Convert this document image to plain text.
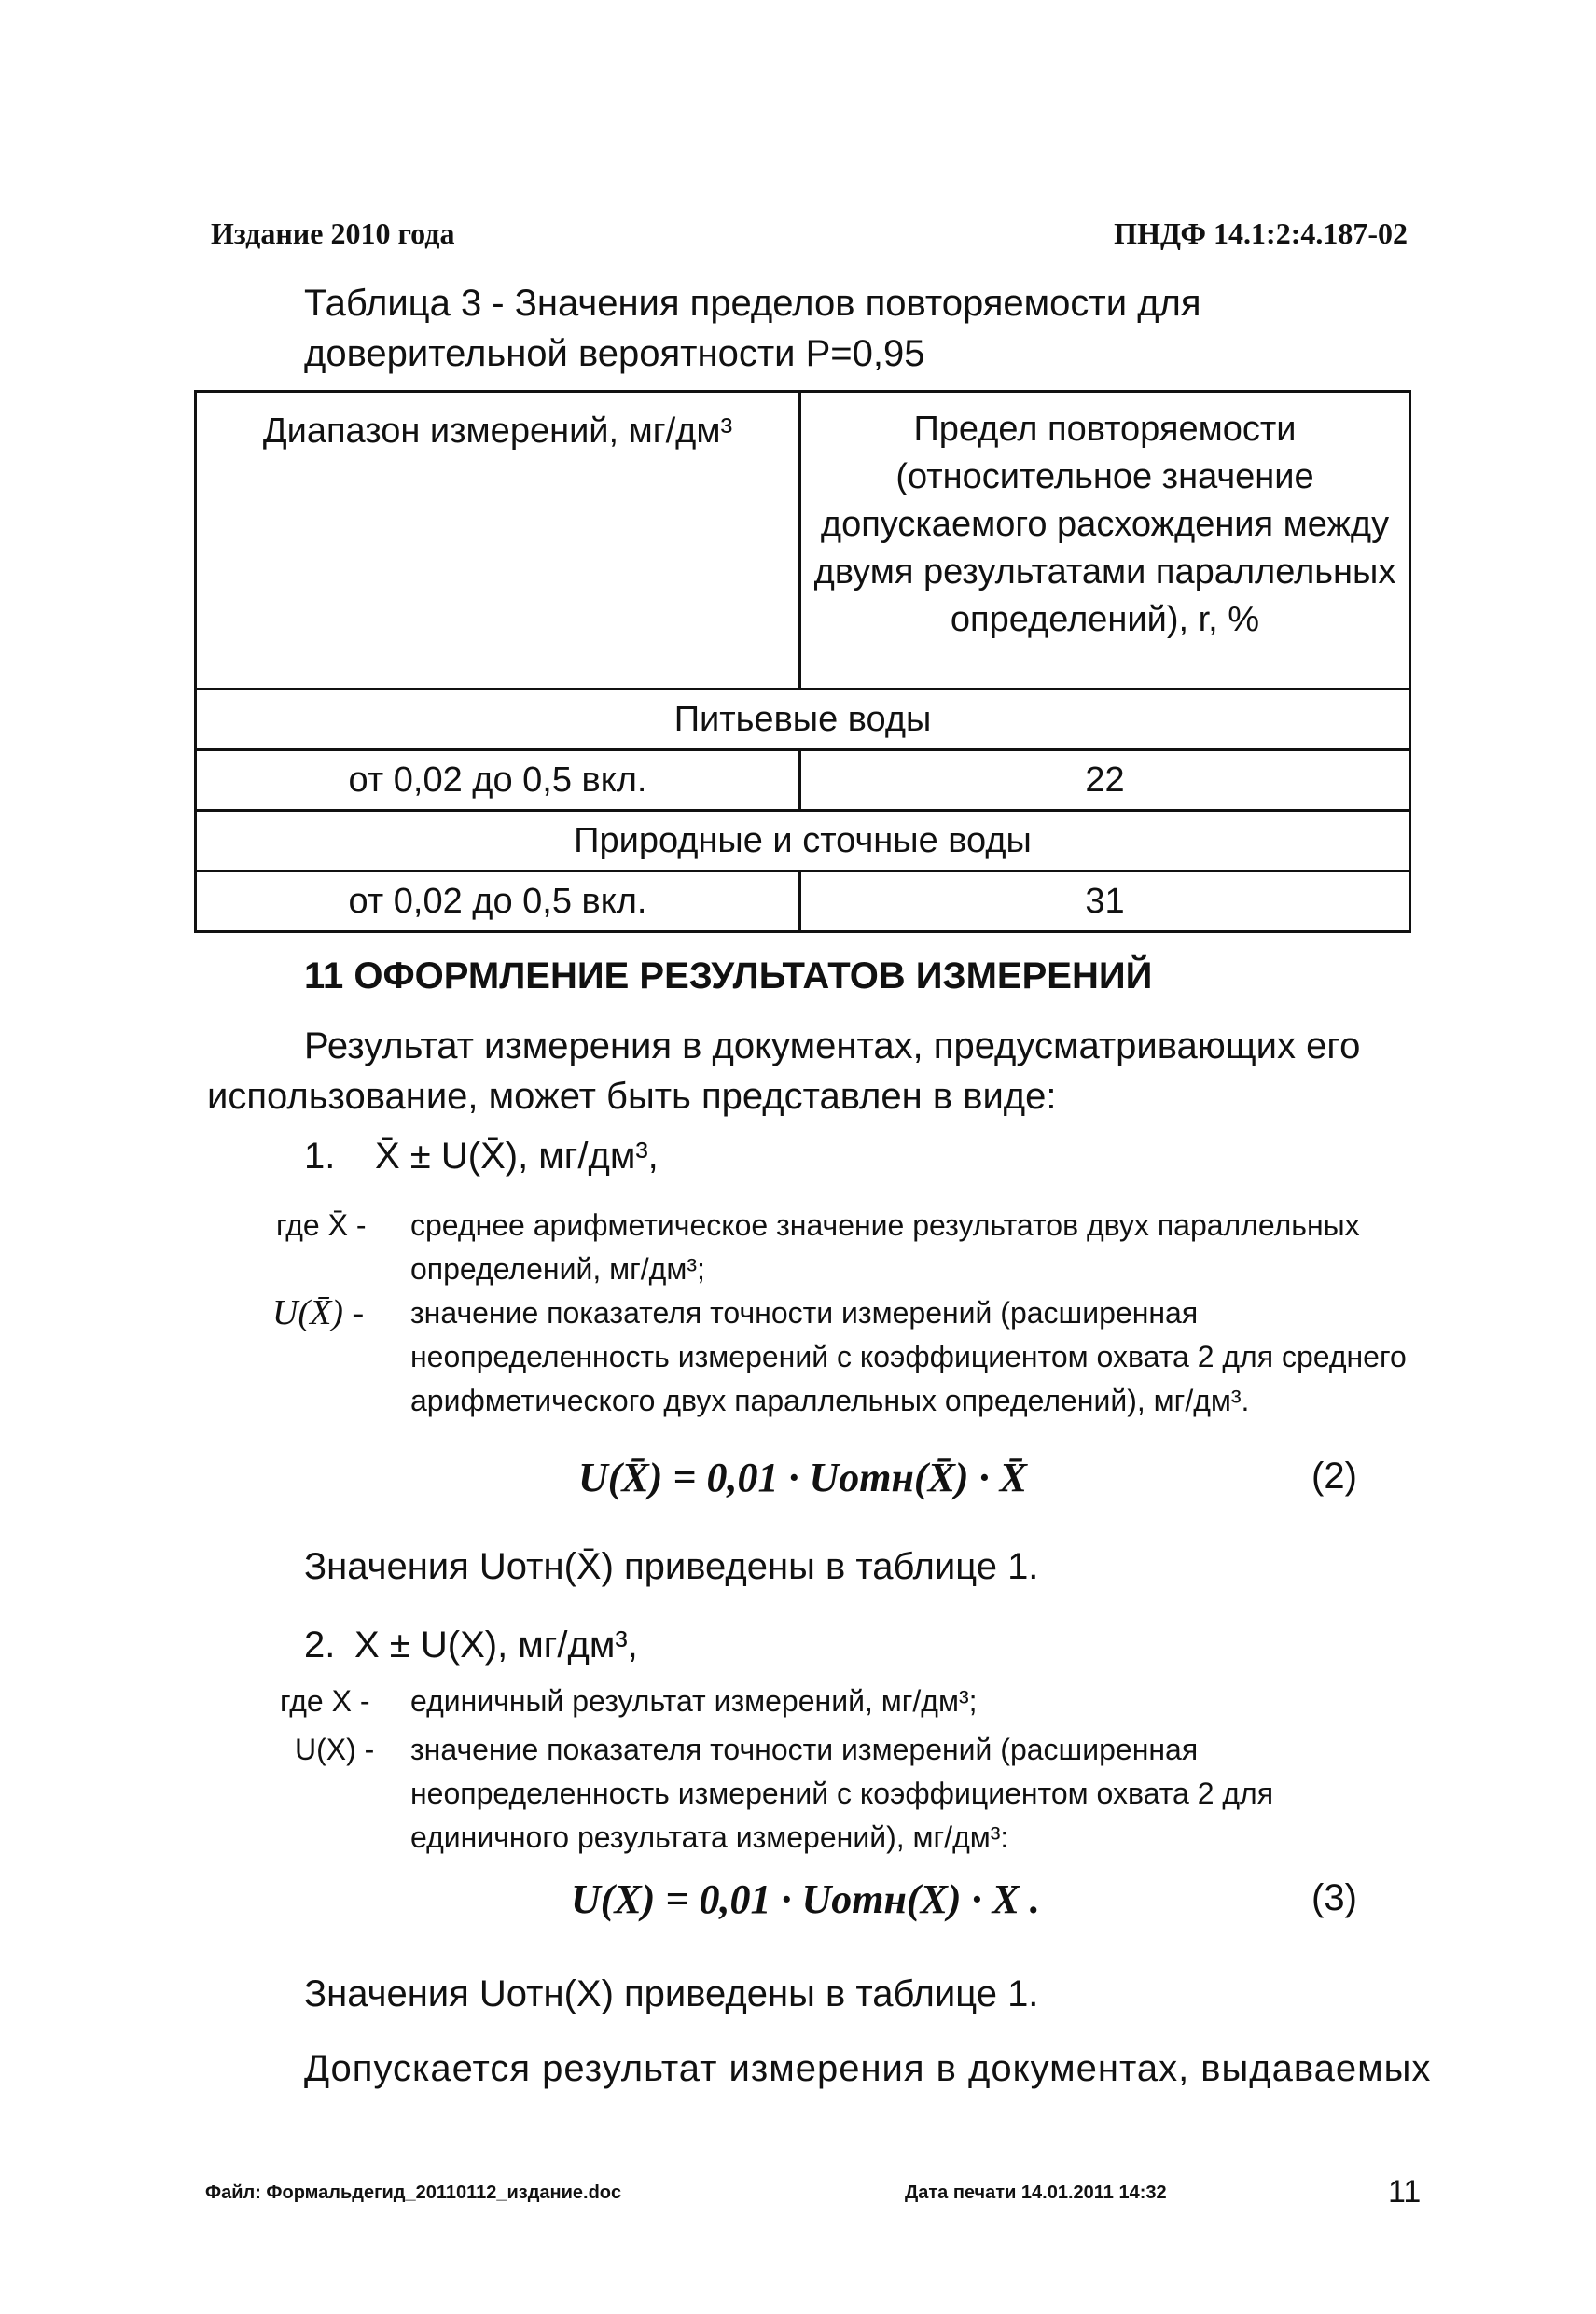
Издание 2010 года	ПНДФ 14.1:2:4.187-02
Таблица 3 - Значения пределов повторяемости для доверительной вероятности P=0,95
Диапазон измерений, мг/дм³	Предел повторяемости (относительное значение допускаемого расхождения между двумя результатами параллельных определений), r, %
Питьевые воды	
от 0,02 до 0,5 вкл.	22
Природные и сточные воды	
от 0,02 до 0,5 вкл.	31
11 ОФОРМЛЕНИЕ РЕЗУЛЬТАТОВ ИЗМЕРЕНИЙ
Результат измерения в документах, предусматривающих его использование, может быть представлен в виде:
1. X̄ ± U(X̄), мг/дм³,
где X̄ - среднее арифметическое значение результатов двух параллельных определений, мг/дм³;
U(X̄) - значение показателя точности измерений (расширенная неопределенность измерений с коэффициентом охвата 2 для среднего арифметического двух параллельных определений), мг/дм³.
U(X̄) = 0,01 · Uотн(X̄) · X̄	(2)
Значения Uотн(X̄) приведены в таблице 1.
2. X ± U(X), мг/дм³,
где X - единичный результат измерений, мг/дм³;
U(X) - значение показателя точности измерений (расширенная неопределенность измерений с коэффициентом охвата 2 для единичного результата измерений), мг/дм³:
U(X) = 0,01 · Uотн(X) · X .	(3)
Значения Uотн(X) приведены в таблице 1.
Допускается результат измерения в документах, выдаваемых
Файл: Формальдегид_20110112_издание.doc	Дата печати 14.01.2011 14:32	11
